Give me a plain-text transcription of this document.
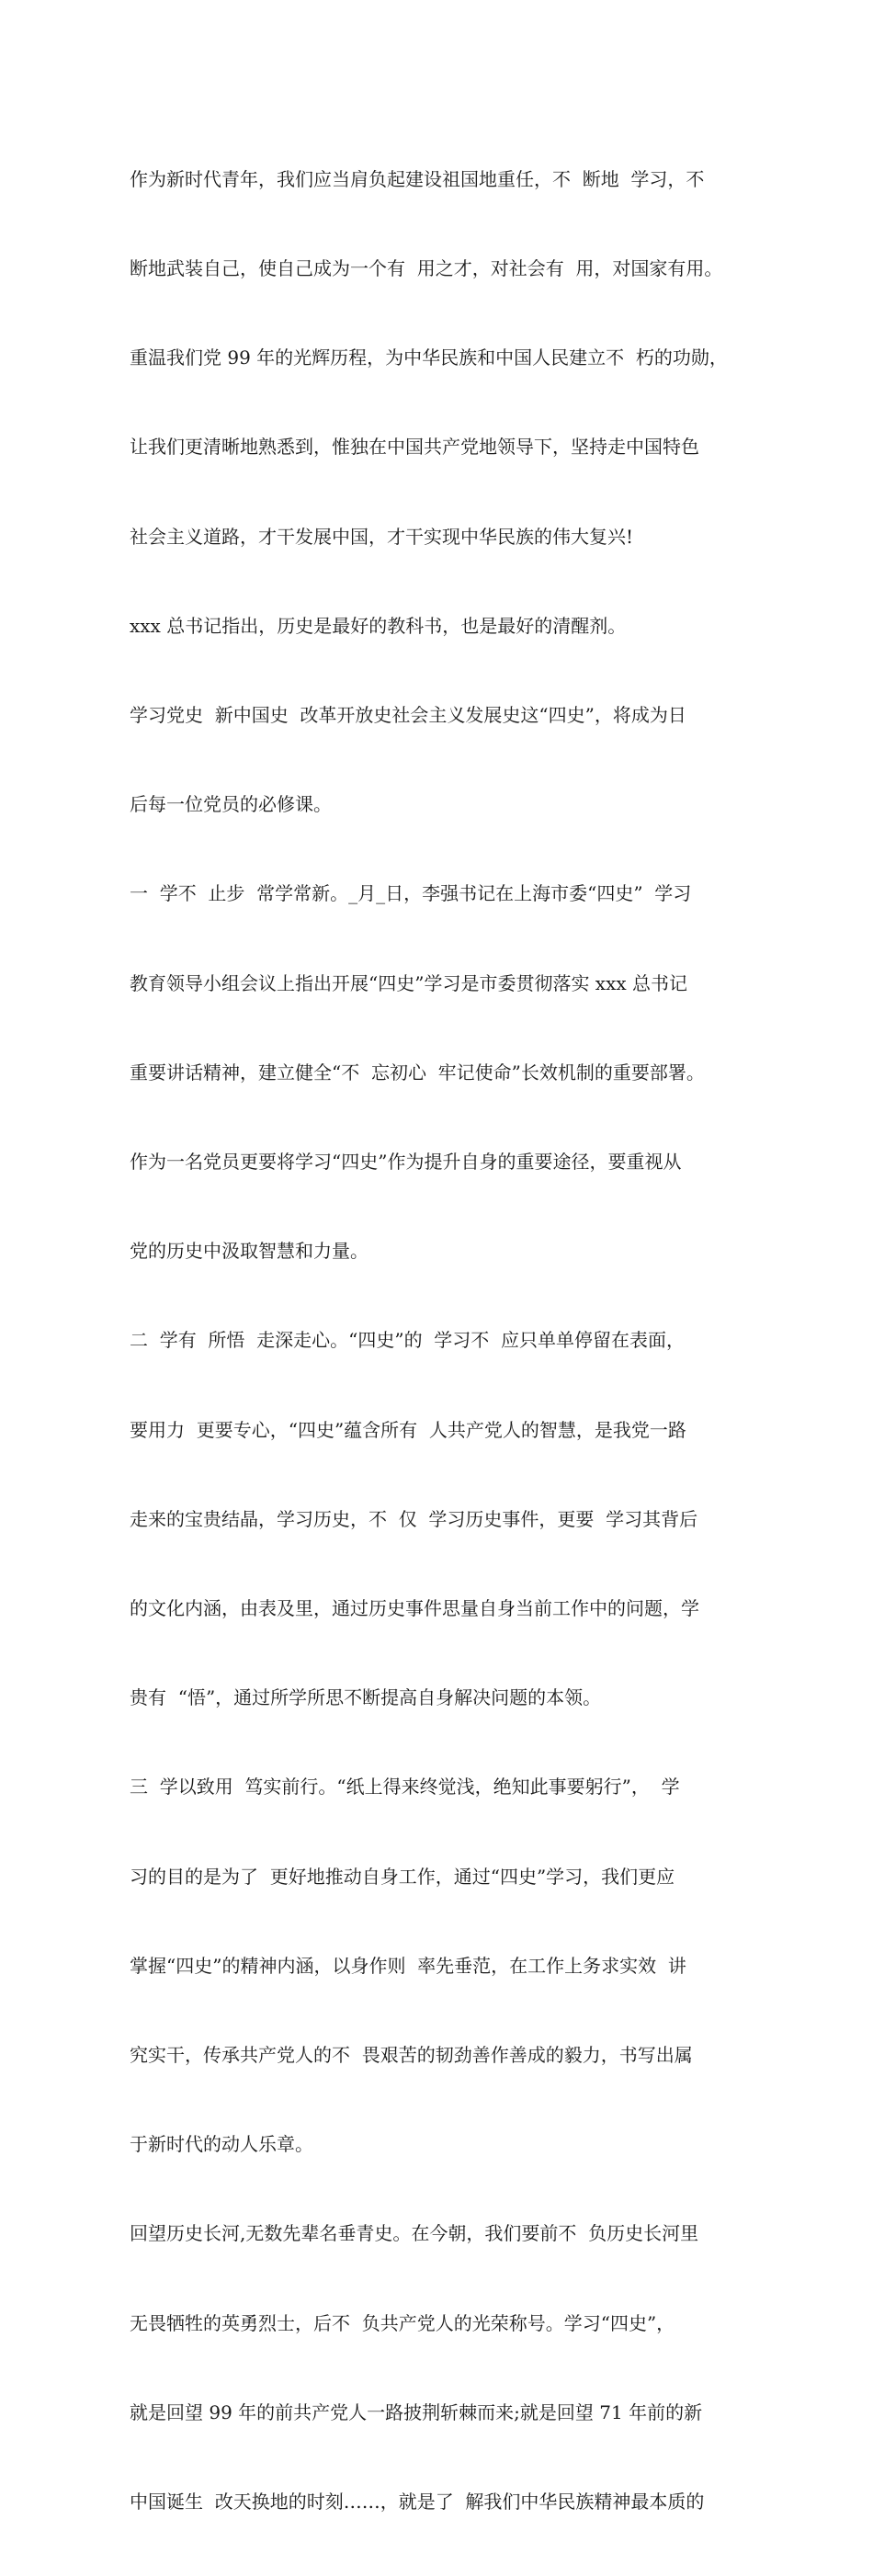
作为新时代青年，我们应当肩负起建设祖国地重任，不  断地  学习，不

断地武装自己，使自己成为一个有  用之才，对社会有  用，对国家有用。

重温我们党 99 年的光辉历程，为中华民族和中国人民建立不  朽的功勋，

让我们更清晰地熟悉到，惟独在中国共产党地领导下，坚持走中国特色

社会主义道路，才干发展中国，才干实现中华民族的伟大复兴!

xxx 总书记指出，历史是最好的教科书，也是最好的清醒剂。

学习党史  新中国史  改革开放史社会主义发展史这“四史”，将成为日

后每一位党员的必修课。

一  学不  止步  常学常新。_月_日，李强书记在上海市委“四史”  学习

教育领导小组会议上指出开展“四史”学习是市委贯彻落实 xxx 总书记

重要讲话精神，建立健全“不  忘初心  牢记使命”长效机制的重要部署。

作为一名党员更要将学习“四史”作为提升自身的重要途径，要重视从

党的历史中汲取智慧和力量。

二  学有  所悟  走深走心。“四史”的  学习不  应只单单停留在表面，

要用力  更要专心，“四史”蕴含所有  人共产党人的智慧，是我党一路

走来的宝贵结晶，学习历史，不  仅  学习历史事件，更要  学习其背后

的文化内涵，由表及里，通过历史事件思量自身当前工作中的问题，学

贵有  “悟”，通过所学所思不断提高自身解决问题的本领。

三  学以致用  笃实前行。“纸上得来终觉浅，绝知此事要躬行”，  学

习的目的是为了  更好地推动自身工作，通过“四史”学习，我们更应

掌握“四史”的精神内涵，以身作则  率先垂范，在工作上务求实效  讲

究实干，传承共产党人的不  畏艰苦的韧劲善作善成的毅力，书写出属

于新时代的动人乐章。

回望历史长河,无数先辈名垂青史。在今朝，我们要前不  负历史长河里

无畏牺牲的英勇烈士，后不  负共产党人的光荣称号。学习“四史”，

就是回望 99 年的前共产党人一路披荆斩棘而来;就是回望 71 年前的新

中国诞生  改天换地的时刻……，就是了  解我们中华民族精神最本质的
